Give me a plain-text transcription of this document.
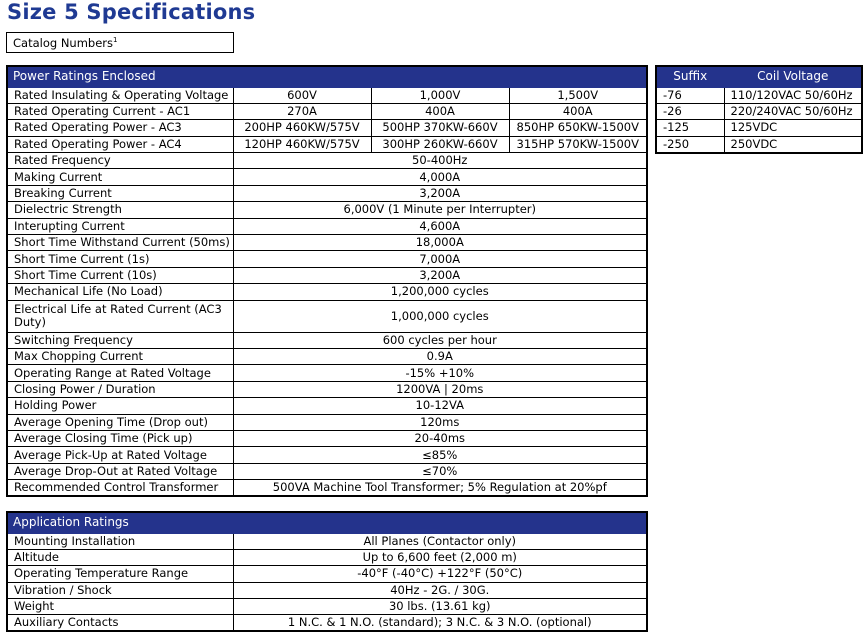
Size 5 Specifications
Catalog Numbers$^1$
Power Ratings Enclosed			
Rated Insulating & Operating Voltage	600V	1,000V	1,500V
Rated Operating Current - AC1	270A	400A	400A
Rated Operating Power - AC3	200HP 460KW/575V	500HP 370KW-660V	850HP 650KW-1500V
Rated Operating Power - AC4	120HP 460KW/575V	300HP 260KW-660V	315HP 570KW-1500V
Rated Frequency	50-400Hz		
Making Current	4,000A		
Breaking Current	3,200A		
Dielectric Strength	6,000V (1 Minute per Interrupter)		
Interupting Current	4,600A		
Short Time Withstand Current (50ms)	18,000A		
Short Time Current (1s)	7,000A		
Short Time Current (10s)	3,200A		
Mechanical Life (No Load)	1,200,000 cycles		
Electrical Life at Rated Current (AC3 Duty)	1,000,000 cycles		
Switching Frequency	600 cycles per hour		
Max Chopping Current	0.9A		
Operating Range at Rated Voltage	-15% +10%		
Closing Power / Duration	1200VA | 20ms		
Holding Power	10-12VA		
Average Opening Time (Drop out)	120ms		
Average Closing Time (Pick up)	20-40ms		
Average Pick-Up at Rated Voltage	≤85%		
Average Drop-Out at Rated Voltage	≤70%		
Recommended Control Transformer	500VA Machine Tool Transformer; 5% Regulation at 20%pf		
Application Ratings	
Mounting Installation	All Planes (Contactor only)
Altitude	Up to 6,600 feet (2,000 m)
Operating Temperature Range	-40°F (-40°C) +122°F (50°C)
Vibration / Shock	40Hz - 2G. / 30G.
Weight	30 lbs. (13.61 kg)
Auxiliary Contacts	1 N.C. & 1 N.O. (standard); 3 N.C. & 3 N.O. (optional)
Suffix	Coil Voltage
-76	110/120VAC 50/60Hz
-26	220/240VAC 50/60Hz
-125	125VDC
-250	250VDC
